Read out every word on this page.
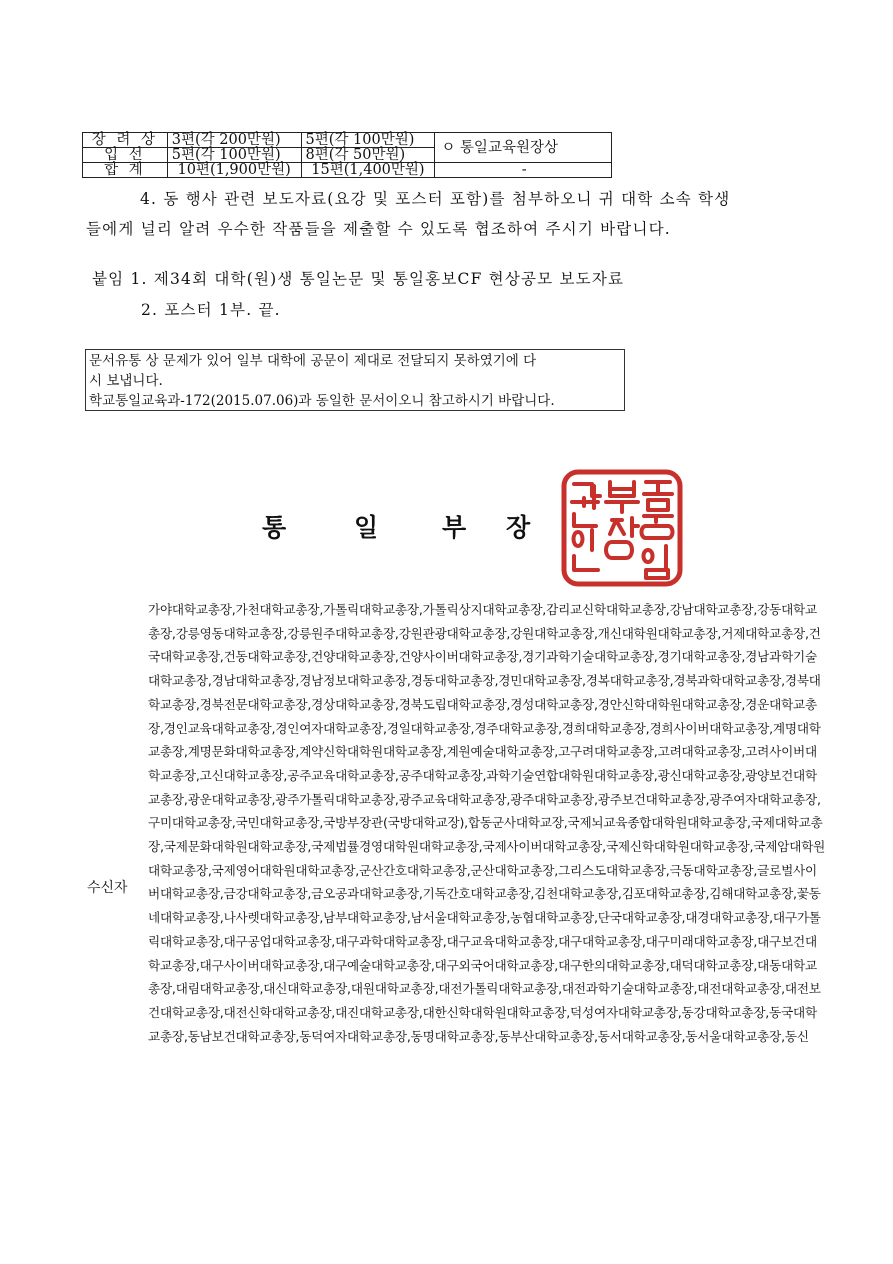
장 려 상	3편(각 200만원)	5편(각 100만원)	ㅇ 통일교육원장상
입 선	5편(각 100만원)	8편(각 50만원)	
합 계	10편(1,900만원)	15편(1,400만원)	-
4. 동 행사 관련 보도자료(요강 및 포스터 포함)를 첨부하오니 귀 대학 소속 학생
들에게 널리 알려 우수한 작품들을 제출할 수 있도록 협조하여 주시기 바랍니다.
붙임 1. 제34회 대학(원)생 통일논문 및 통일홍보CF 현상공모 보도자료
2. 포스터 1부. 끝.
문서유통 상 문제가 있어 일부 대학에 공문이 제대로 전달되지 못하였기에 다
시 보냅니다.
학교통일교육과-172(2015.07.06)과 동일한 문서이오니 참고하시기 바랍니다.
통	일	부 장
수신자
가야대학교총장,가천대학교총장,가톨릭대학교총장,가톨릭상지대학교총장,감리교신학대학교총장,강남대학교총장,강동대학교총장,강릉영동대학교총장,강릉원주대학교총장,강원관광대학교총장,강원대학교총장,개신대학원대학교총장,거제대학교총장,건국대학교총장,건동대학교총장,건양대학교총장,건양사이버대학교총장,경기과학기술대학교총장,경기대학교총장,경남과학기술대학교총장,경남대학교총장,경남정보대학교총장,경동대학교총장,경민대학교총장,경복대학교총장,경북과학대학교총장,경북대학교총장,경북전문대학교총장,경상대학교총장,경북도립대학교총장,경성대학교총장,경안신학대학원대학교총장,경운대학교총장,경인교육대학교총장,경인여자대학교총장,경일대학교총장,경주대학교총장,경희대학교총장,경희사이버대학교총장,계명대학교총장,계명문화대학교총장,계약신학대학원대학교총장,계원예술대학교총장,고구려대학교총장,고려대학교총장,고려사이버대학교총장,고신대학교총장,공주교육대학교총장,공주대학교총장,과학기술연합대학원대학교총장,광신대학교총장,광양보건대학교총장,광운대학교총장,광주가톨릭대학교총장,광주교육대학교총장,광주대학교총장,광주보건대학교총장,광주여자대학교총장,구미대학교총장,국민대학교총장,국방부장관(국방대학교장),합동군사대학교장,국제뇌교육종합대학원대학교총장,국제대학교총장,국제문화대학원대학교총장,국제법률경영대학원대학교총장,국제사이버대학교총장,국제신학대학원대학교총장,국제암대학원대학교총장,국제영어대학원대학교총장,군산간호대학교총장,군산대학교총장,그리스도대학교총장,극동대학교총장,글로벌사이버대학교총장,금강대학교총장,금오공과대학교총장,기독간호대학교총장,김천대학교총장,김포대학교총장,김해대학교총장,꽃동네대학교총장,나사렛대학교총장,남부대학교총장,남서울대학교총장,농협대학교총장,단국대학교총장,대경대학교총장,대구가톨릭대학교총장,대구공업대학교총장,대구과학대학교총장,대구교육대학교총장,대구대학교총장,대구미래대학교총장,대구보건대학교총장,대구사이버대학교총장,대구예술대학교총장,대구외국어대학교총장,대구한의대학교총장,대덕대학교총장,대동대학교총장,대림대학교총장,대신대학교총장,대원대학교총장,대전가톨릭대학교총장,대전과학기술대학교총장,대전대학교총장,대전보건대학교총장,대전신학대학교총장,대진대학교총장,대한신학대학원대학교총장,덕성여자대학교총장,동강대학교총장,동국대학교총장,동남보건대학교총장,동덕여자대학교총장,동명대학교총장,동부산대학교총장,동서대학교총장,동서울대학교총장,동신
